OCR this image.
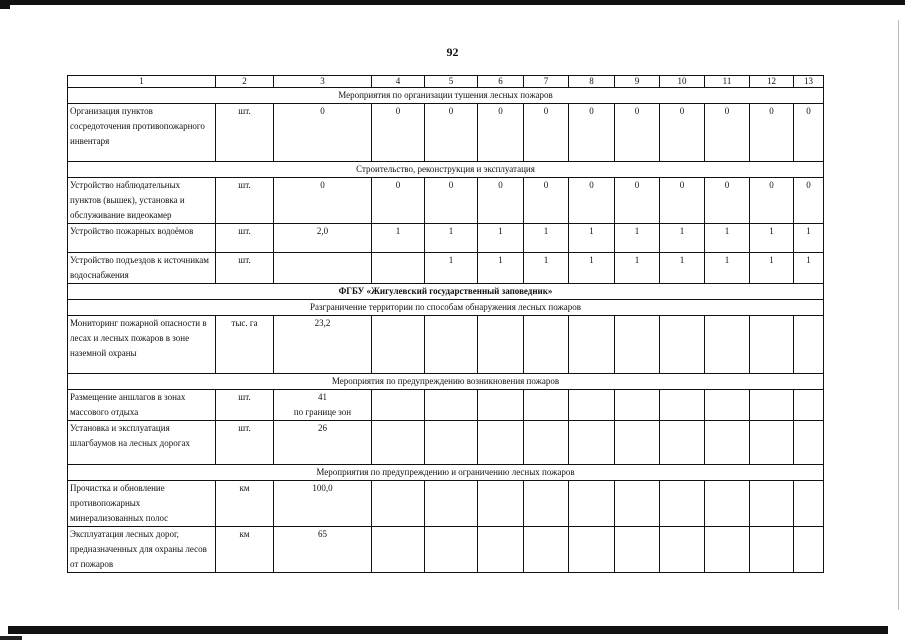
92
1	2	3	4	5	6	7	8	9	10	11	12	13
Мероприятия по организации тушения лесных пожаров												
Организация пунктов сосредоточения противопожарного инвентаря	шт.	0	0	0	0	0	0	0	0	0	0	0
Строительство, реконструкция и эксплуатация												
Устройство наблюдательных пунктов (вышек), установка и обслуживание видеокамер	шт.	0	0	0	0	0	0	0	0	0	0	0
Устройство пожарных водоёмов	шт.	2,0	1	1	1	1	1	1	1	1	1	1
Устройство подъездов к источникам водоснабжения	шт.			1	1	1	1	1	1	1	1	1
ФГБУ «Жигулевский государственный заповедник»												
Разграничение территории по способам обнаружения лесных пожаров												
Мониторинг пожарной опасности в лесах и лесных пожаров в зоне наземной охраны	тыс. га	23,2										
Мероприятия по предупреждению возникновения пожаров												
Размещение аншлагов в зонах массового отдыха	шт.	41
по границе зон										

Установка и эксплуатация шлагбаумов на лесных дорогах	шт.	26										
Мероприятия по предупреждению и ограничению лесных пожаров												
Прочистка и обновление противопожарных минерализованных полос	км	100,0										
Эксплуатация лесных дорог, предназначенных для охраны лесов от пожаров	км	65										
